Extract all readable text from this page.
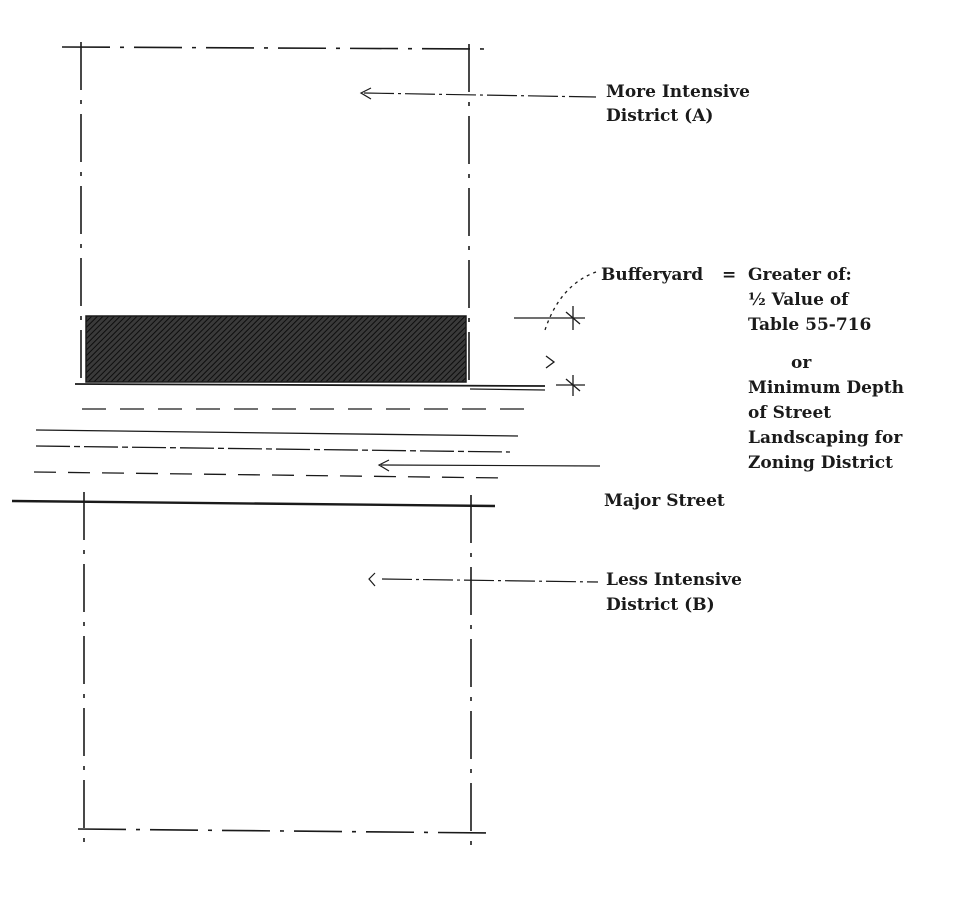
More Intensive
District (A)
Bufferyard = Greater of:
½ Value of
Table 55-716
or
Minimum Depth
of Street
Landscaping for
Zoning District
Major Street
Less Intensive
District (B)
